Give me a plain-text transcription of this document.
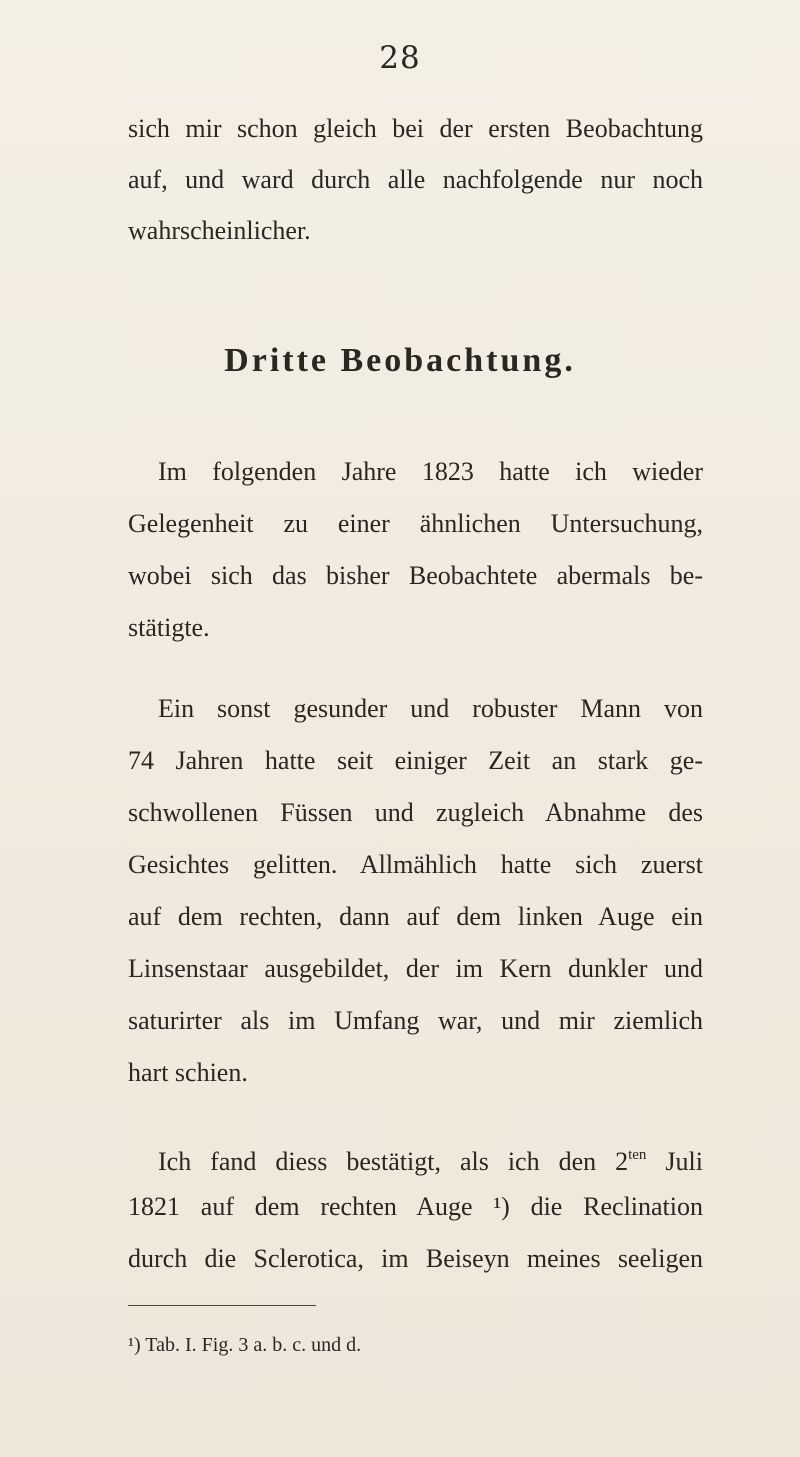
28
sich mir schon gleich bei der ersten Beobachtung
auf, und ward durch alle nachfolgende nur noch
wahrscheinlicher.
Dritte Beobachtung.
Im folgenden Jahre 1823 hatte ich wieder
Gelegenheit zu einer ähnlichen Untersuchung,
wobei sich das bisher Beobachtete abermals be-
stätigte.
Ein sonst gesunder und robuster Mann von
74 Jahren hatte seit einiger Zeit an stark ge-
schwollenen Füssen und zugleich Abnahme des
Gesichtes gelitten. Allmählich hatte sich zuerst
auf dem rechten, dann auf dem linken Auge ein
Linsenstaar ausgebildet, der im Kern dunkler und
saturirter als im Umfang war, und mir ziemlich
hart schien.
Ich fand diess bestätigt, als ich den $2^{ten}$ Juli
1821 auf dem rechten Auge ¹) die Reclination
durch die Sclerotica, im Beiseyn meines seeligen
¹) Tab. I. Fig. 3 a. b. c. und d.
